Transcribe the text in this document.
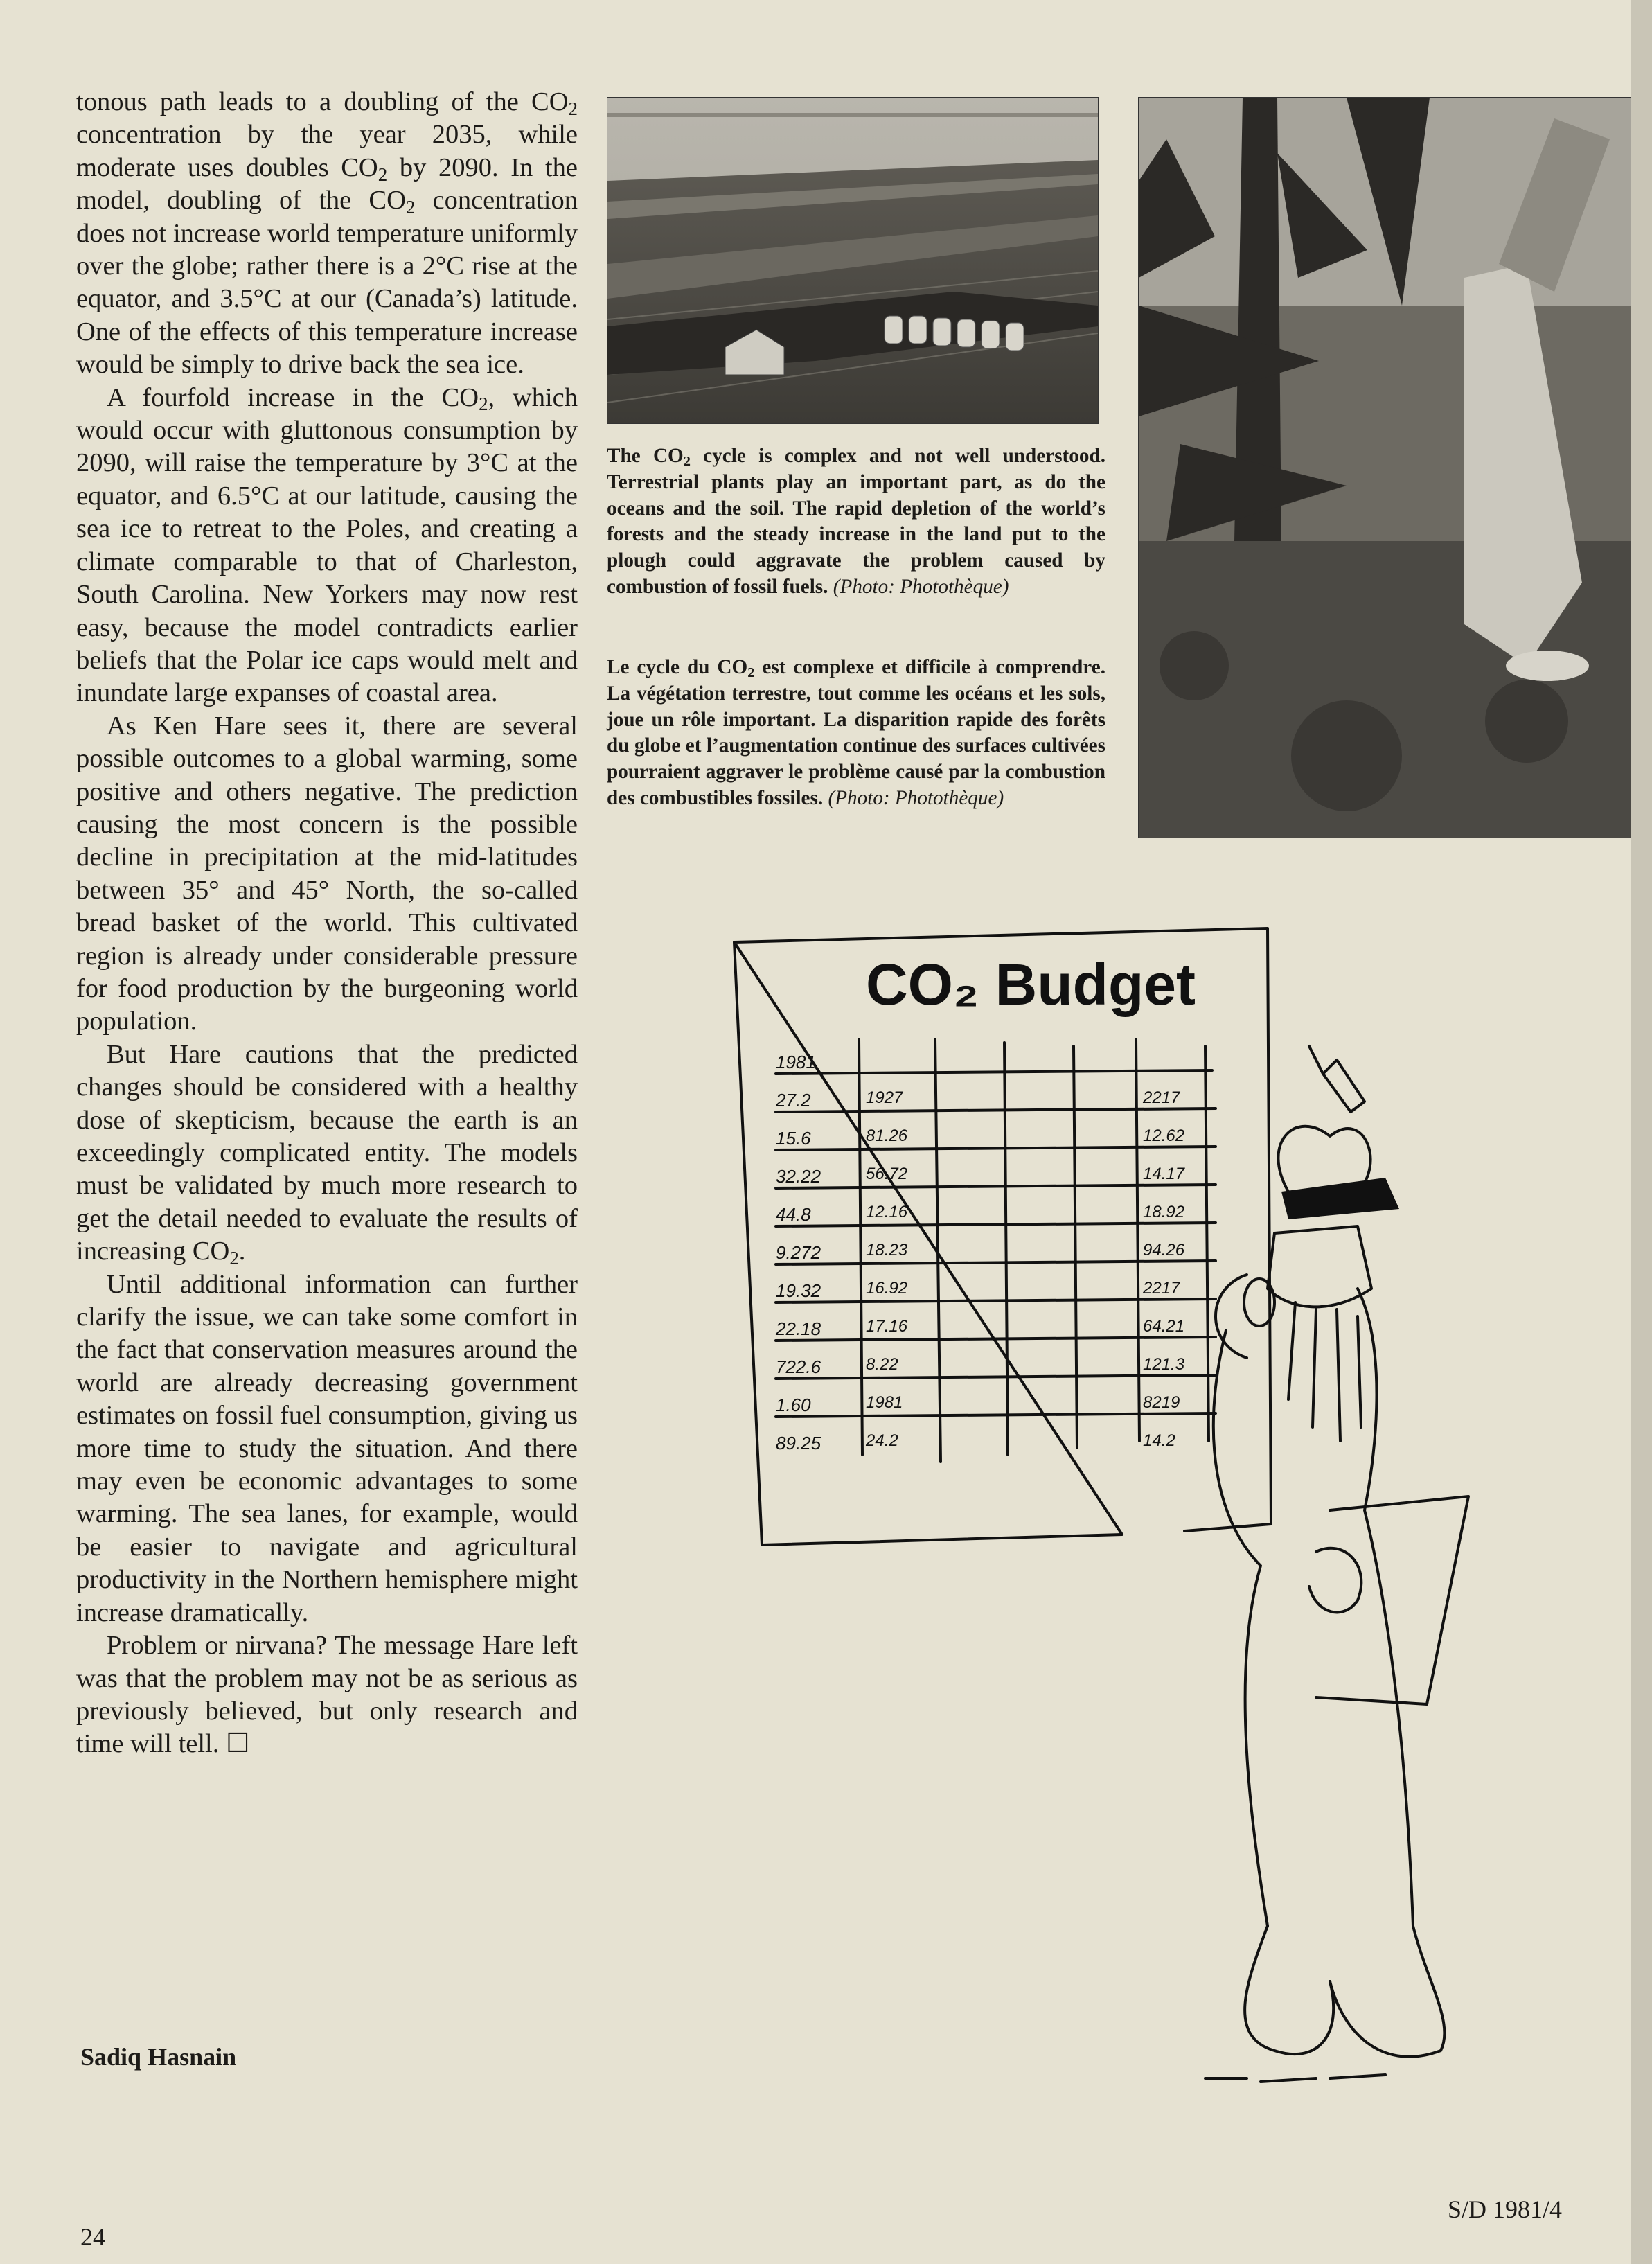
tonous path leads to a doubling of the CO2 concentration by the year 2035, while moderate uses doubles CO2 by 2090. In the model, doubling of the CO2 concentration does not increase world temperature uniformly over the globe; rather there is a 2°C rise at the equator, and 3.5°C at our (Canada’s) latitude. One of the effects of this temperature increase would be simply to drive back the sea ice.

A fourfold increase in the CO2, which would occur with gluttonous consumption by 2090, will raise the temperature by 3°C at the equator, and 6.5°C at our latitude, causing the sea ice to retreat to the Poles, and creating a climate comparable to that of Charleston, South Carolina. New Yorkers may now rest easy, because the model contradicts earlier beliefs that the Polar ice caps would melt and inundate large expanses of coastal area.

As Ken Hare sees it, there are several possible outcomes to a global warming, some positive and others negative. The prediction causing the most concern is the possible decline in precipitation at the mid-latitudes between 35° and 45° North, the so-called bread basket of the world. This cultivated region is already under considerable pressure for food production by the burgeoning world population.

But Hare cautions that the predicted changes should be considered with a healthy dose of skepticism, because the earth is an exceedingly complicated entity. The models must be validated by much more research to get the detail needed to evaluate the results of increasing CO2.

Until additional information can further clarify the issue, we can take some comfort in the fact that conservation measures around the world are already decreasing government estimates on fossil fuel consumption, giving us more time to study the situation. And there may even be economic advantages to some warming. The sea lanes, for example, would be easier to navigate and agricultural productivity in the Northern hemisphere might increase dramatically.

Problem or nirvana? The message Hare left was that the problem may not be as serious as previously believed, but only research and time will tell. ☐

Sadiq Hasnain
The CO2 cycle is complex and not well understood. Terrestrial plants play an important part, as do the oceans and the soil. The rapid depletion of the world’s forests and the steady increase in the land put to the plough could aggravate the problem caused by combustion of fossil fuels. (Photo: Photothèque)
Le cycle du CO2 est complexe et difficile à comprendre. La végétation terrestre, tout comme les océans et les sols, joue un rôle important. La disparition rapide des forêts du globe et l’augmentation continue des surfaces cultivées pourraient aggraver le problème causé par la combustion des combustibles fossiles. (Photo: Photothèque)
CO₂ Budget
1981
27.2
15.6
32.22
44.8
9.272
19.32
22.18
722.6
1.60
89.25
1927
81.26
56.72
12.16
18.23
16.92
17.16
8.22
1981
24.2
2217
12.62
14.17
18.92
94.26
2217
64.21
121.3
8219
14.2
24
S/D 1981/4
